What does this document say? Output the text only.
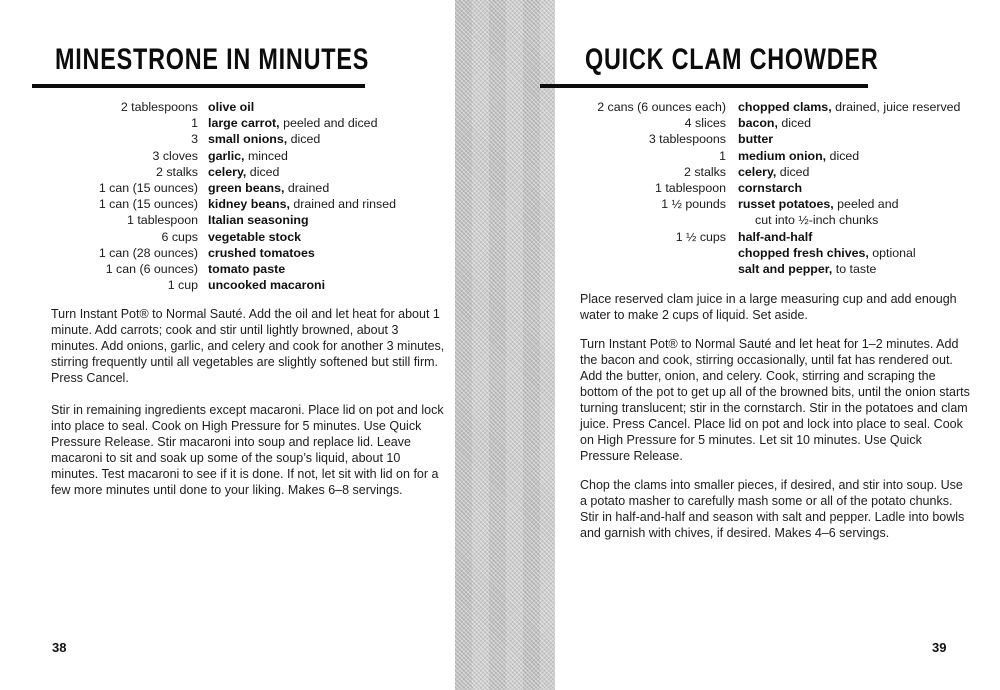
MINESTRONE IN MINUTES
2 tablespoons olive oil
1 large carrot, peeled and diced
3 small onions, diced
3 cloves garlic, minced
2 stalks celery, diced
1 can (15 ounces) green beans, drained
1 can (15 ounces) kidney beans, drained and rinsed
1 tablespoon Italian seasoning
6 cups vegetable stock
1 can (28 ounces) crushed tomatoes
1 can (6 ounces) tomato paste
1 cup uncooked macaroni

Turn Instant Pot® to Normal Sauté. Add the oil and let heat for about 1 minute. Add carrots; cook and stir until lightly browned, about 3 minutes. Add onions, garlic, and celery and cook for another 3 minutes, stirring frequently until all vegetables are slightly softened but still firm. Press Cancel.

Stir in remaining ingredients except macaroni. Place lid on pot and lock into place to seal. Cook on High Pressure for 5 minutes. Use Quick Pressure Release. Stir macaroni into soup and replace lid. Leave macaroni to sit and soak up some of the soup’s liquid, about 10 minutes. Test macaroni to see if it is done. If not, let sit with lid on for a few more minutes until done to your liking. Makes 6–8 servings.

38
QUICK CLAM CHOWDER
2 cans (6 ounces each) chopped clams, drained, juice reserved
4 slices bacon, diced
3 tablespoons butter
1 medium onion, diced
2 stalks celery, diced
1 tablespoon cornstarch
1 ½ pounds russet potatoes, peeled and
cut into ½-inch chunks
1 ½ cups half-and-half
chopped fresh chives, optional
salt and pepper, to taste

Place reserved clam juice in a large measuring cup and add enough water to make 2 cups of liquid. Set aside.

Turn Instant Pot® to Normal Sauté and let heat for 1–2 minutes. Add the bacon and cook, stirring occasionally, until fat has rendered out. Add the butter, onion, and celery. Cook, stirring and scraping the bottom of the pot to get up all of the browned bits, until the onion starts turning translucent; stir in the cornstarch. Stir in the potatoes and clam juice. Press Cancel. Place lid on pot and lock into place to seal. Cook on High Pressure for 5 minutes. Let sit 10 minutes. Use Quick Pressure Release.

Chop the clams into smaller pieces, if desired, and stir into soup. Use a potato masher to carefully mash some or all of the potato chunks. Stir in half-and-half and season with salt and pepper. Ladle into bowls and garnish with chives, if desired. Makes 4–6 servings.

39
